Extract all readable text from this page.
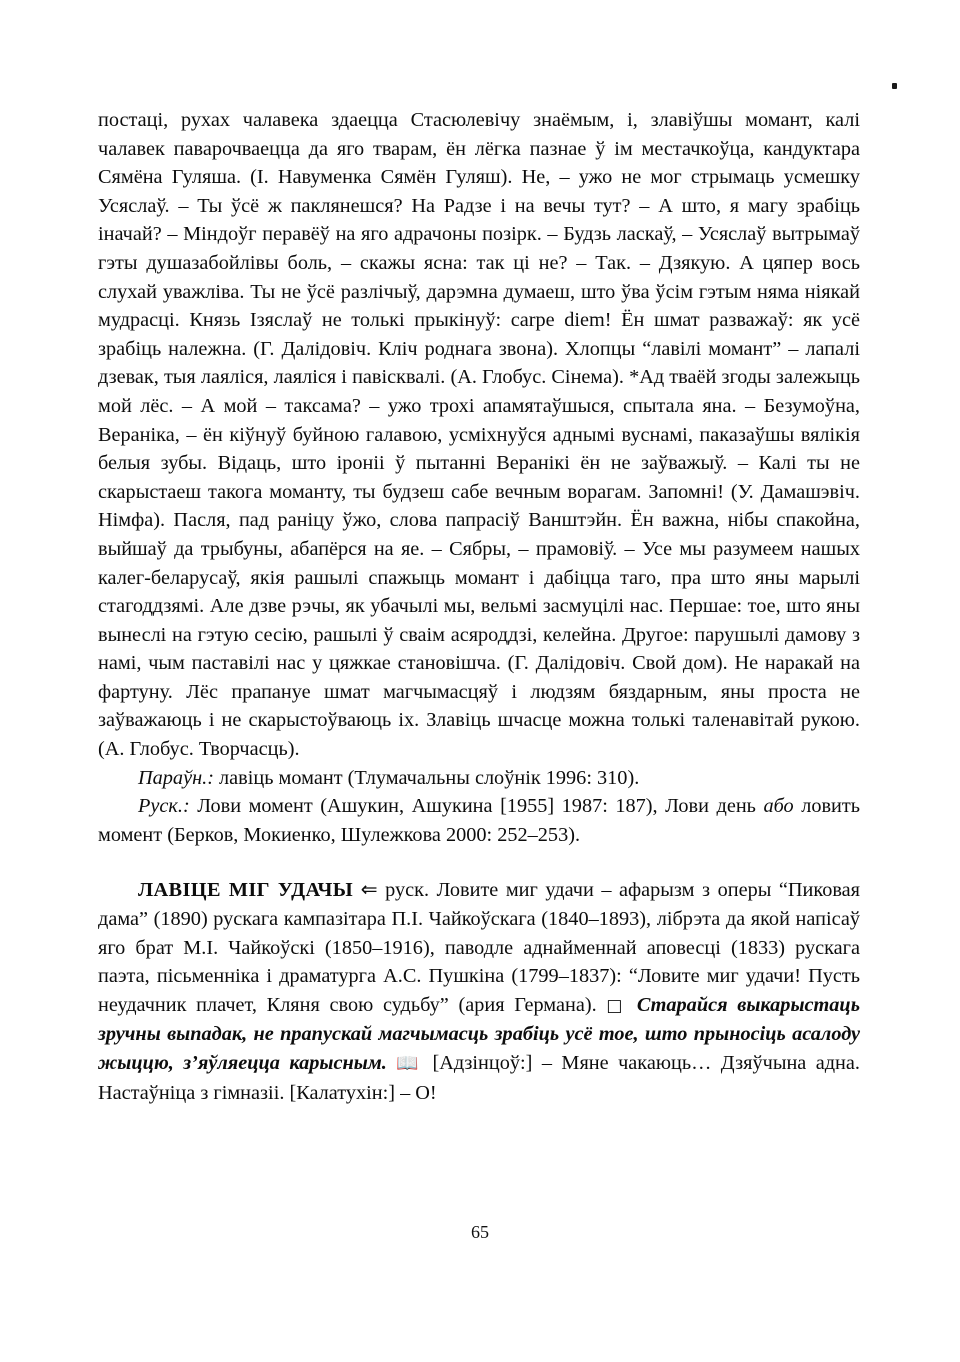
постаці, рухах чалавека здаецца Стасюлевічу знаёмым, і, злавіўшы момант, калі чалавек паварочваецца да яго тварам, ён лёгка пазнае ў ім местачкоўца, кандуктара Сямёна Гуляша. (І. Навуменка Сямён Гуляш). Не, – ужо не мог стрымаць усмешку Усяслаў. – Ты ўсё ж паклянешся? На Радзе і на вечы тут? – А што, я магу зрабіць іначай? – Міндоўг перавёў на яго адрачоны позірк. – Будзь ласкаў, – Усяслаў вытрымаў гэты душазабойлівы боль, – скажы ясна: так ці не? – Так. – Дзякую. А цяпер вось слухай уважліва. Ты не ўсё разлічыў, дарэмна думаеш, што ўва ўсім гэтым няма ніякай мудрасці. Князь Ізяслаў не толькі прыкінуў: carpe diem! Ён шмат разважаў: як усё зрабіць належна. (Г. Далідовіч. Кліч роднага звона). Хлопцы “лавілі момант” – лапалі дзевак, тыя лаяліся, лаяліся і павісквалі. (А. Глобус. Сінема). *Ад тваёй згоды залежыць мой лёс. – А мой – таксама? – ужо трохі апамятаўшыся, спытала яна. – Безумоўна, Вераніка, – ён кіўнуў буйною галавою, усміхнуўся аднымі вуснамі, паказаўшы вялікія белыя зубы. Відаць, што іроніі ў пытанні Веранікі ён не заўважыў. – Калі ты не скарыстаеш такога моманту, ты будзеш сабе вечным ворагам. Запомні! (У. Дамашэвіч. Німфа). Пасля, пад раніцу ўжо, слова папрасіў Ванштэйн. Ён важна, нібы спакойна, выйшаў да трыбуны, абапёрся на яе. – Сябры, – прамовіў. – Усе мы разумеем нашых калег-беларусаў, якія рашылі спажыць момант і дабіцца таго, пра што яны марылі стагоддзямі. Але дзве рэчы, як убачылі мы, вельмі засмуцілі нас. Першае: тое, што яны вынеслі на гэтую сесію, рашылі ў сваім асяроддзі, келейна. Другое: парушылі дамову з намі, чым паставілі нас у цяжкае становішча. (Г. Далідовіч. Свой дом). Не наракай на фартуну. Лёс прапануе шмат магчымасцяў і людзям бяздарным, яны проста не заўважаюць і не скарыстоўваюць іх. Злавіць шчасце можна толькі таленавітай рукою. (А. Глобус. Творчасць).

Параўн.: лавіць момант (Тлумачальны слоўнік 1996: 310).

Руск.: Лови момент (Ашукин, Ашукина [1955] 1987: 187), Лови день або ловить момент (Берков, Мокиенко, Шулежкова 2000: 252–253).

ЛАВІЦЕ МІГ УДАЧЫ ⇐ руск. Ловите миг удачи – афарызм з оперы “Пиковая дама” (1890) рускага кампазітара П.І. Чайкоўскага (1840–1893), лібрэта да якой напісаў яго брат М.І. Чайкоўскі (1850–1916), паводле аднайменнай аповесці (1833) рускага паэта, пісьменніка і драматурга А.С. Пушкіна (1799–1837): “Ловите миг удачи! Пусть неудачник плачет, Кляня свою судьбу” (ария Германа). □ Старайся выкарыстаць зручны выпадак, не прапускай магчымасць зрабіць усё тое, што прыносіць асалоду жыццю, з’яўляецца карысным. 📖 [Адзінцоў:] – Мяне чакаюць… Дзяўчына адна. Настаўніца з гімназіі. [Калатухін:] – О!

65
